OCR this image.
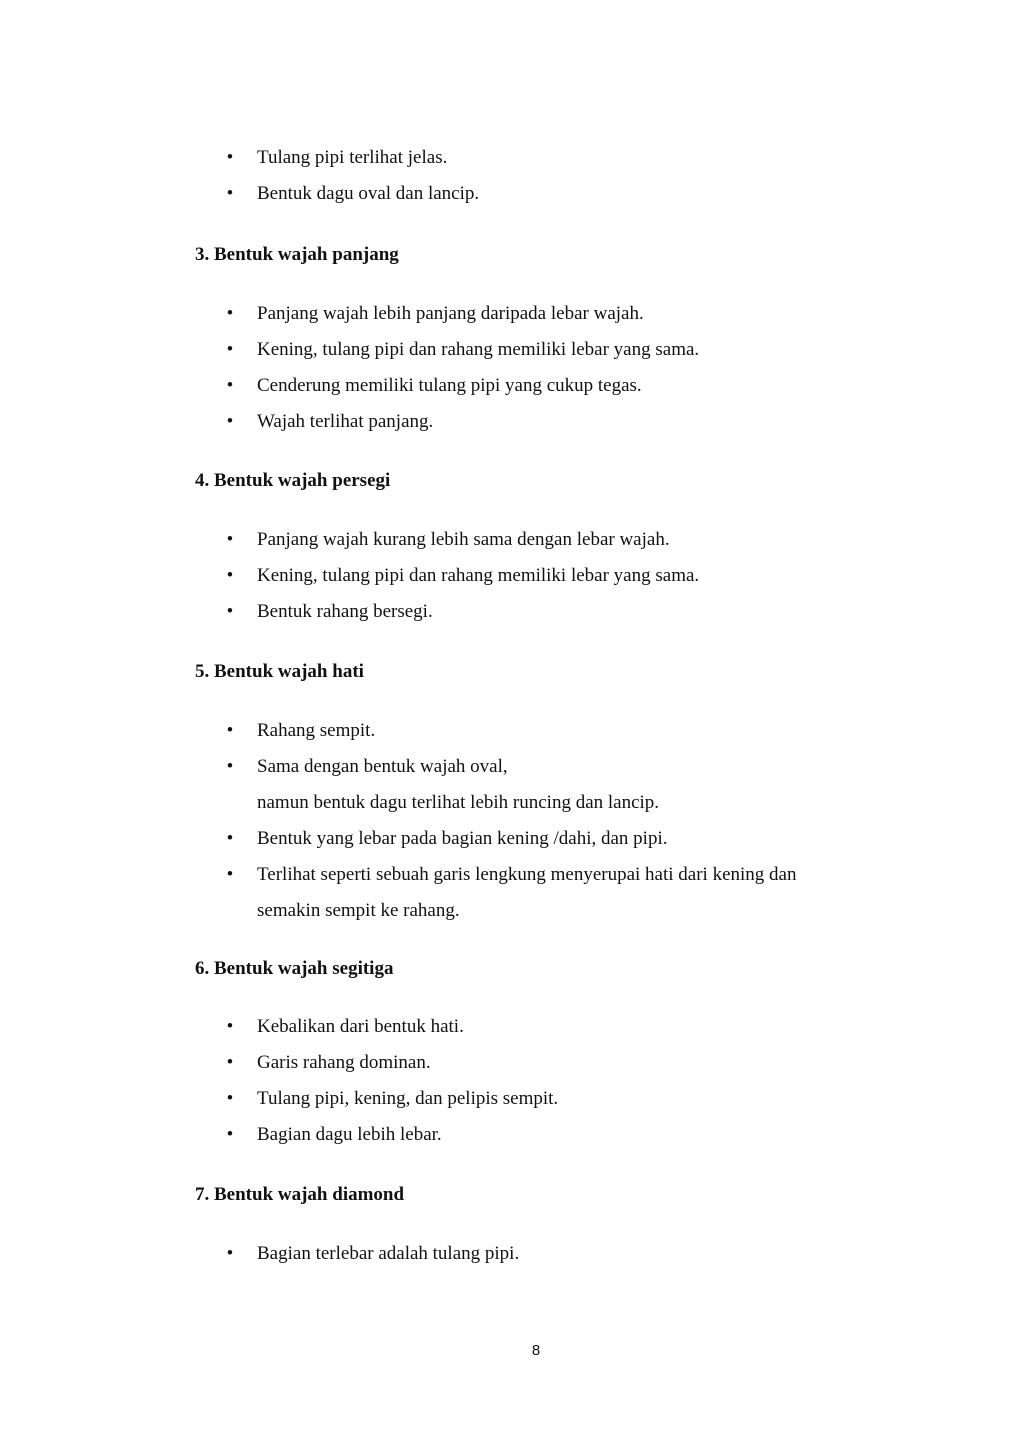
• Tulang pipi terlihat jelas.
• Bentuk dagu oval dan lancip.
3. Bentuk wajah panjang
• Panjang wajah lebih panjang daripada lebar wajah.
• Kening, tulang pipi dan rahang memiliki lebar yang sama.
• Cenderung memiliki tulang pipi yang cukup tegas.
• Wajah terlihat panjang.
4. Bentuk wajah persegi
• Panjang wajah kurang lebih sama dengan lebar wajah.
• Kening, tulang pipi dan rahang memiliki lebar yang sama.
• Bentuk rahang bersegi.
5. Bentuk wajah hati
• Rahang sempit.
• Sama dengan bentuk wajah oval,
namun bentuk dagu terlihat lebih runcing dan lancip.
• Bentuk yang lebar pada bagian kening /dahi, dan pipi.
• Terlihat seperti sebuah garis lengkung menyerupai hati dari kening dan
semakin sempit ke rahang.
6. Bentuk wajah segitiga
• Kebalikan dari bentuk hati.
• Garis rahang dominan.
• Tulang pipi, kening, dan pelipis sempit.
• Bagian dagu lebih lebar.
7. Bentuk wajah diamond
• Bagian terlebar adalah tulang pipi.
8
